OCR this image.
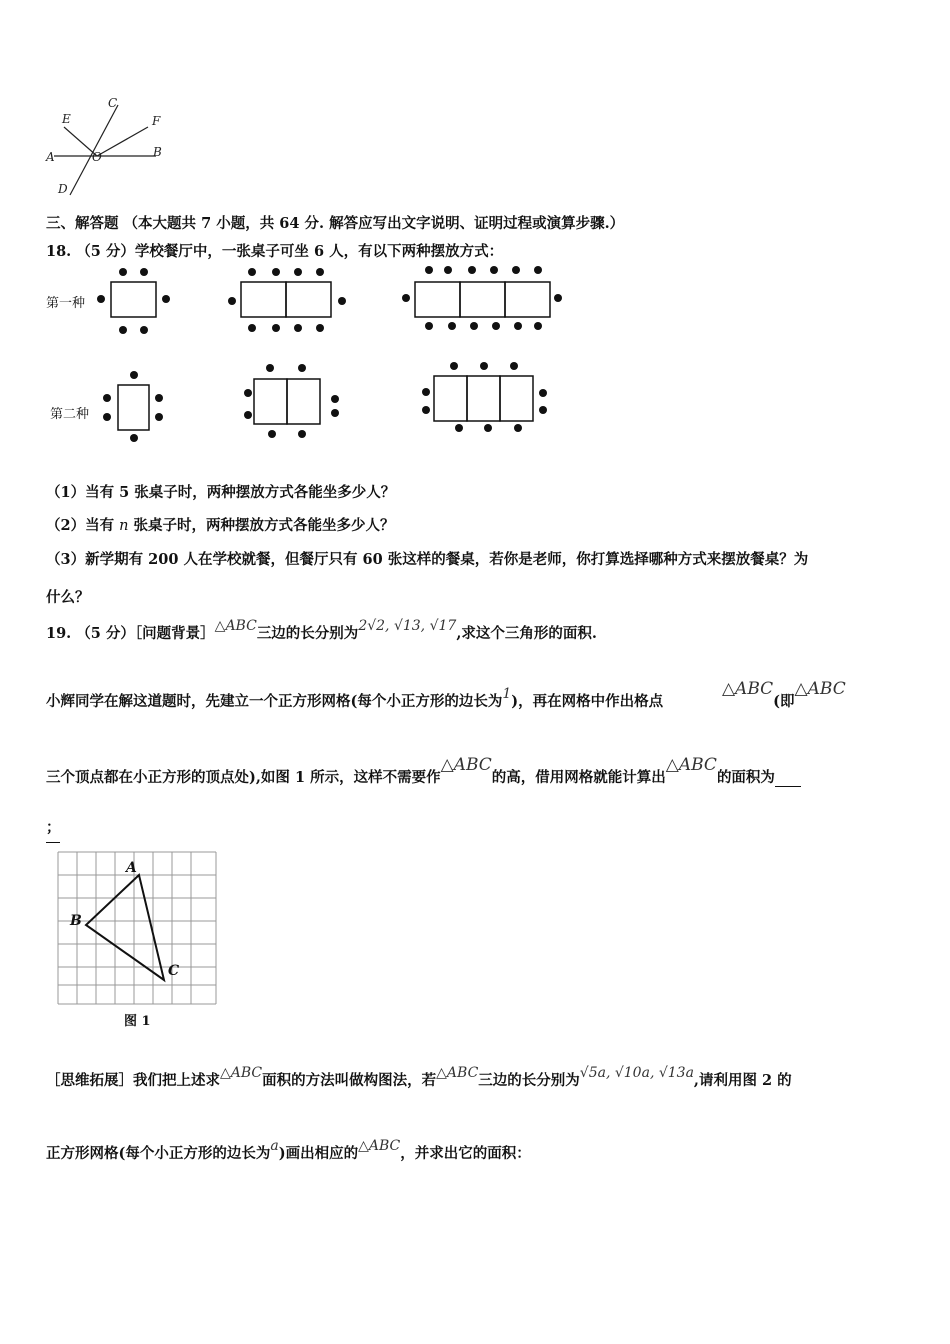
C
E	F
A	O	B
D
三、解答题 （本大题共 7 小题，共 64 分. 解答应写出文字说明、证明过程或演算步骤.）
18. （5 分）学校餐厅中，一张桌子可坐 6 人，有以下两种摆放方式：
第一种
第二种
（1）当有 5 张桌子时，两种摆放方式各能坐多少人？
（2）当有 n 张桌子时，两种摆放方式各能坐多少人？
（3）新学期有 200 人在学校就餐，但餐厅只有 60 张这样的餐桌，若你是老师，你打算选择哪种方式来摆放餐桌？为
什么？
19. （5 分）［问题背景］△ABC三边的长分别为2√2, √13, √17,求这个三角形的面积.
小辉同学在解这道题时，先建立一个正方形网格(每个小正方形的边长为1)，再在网格中作出格点△ABC(即△ABC
三个顶点都在小正方形的顶点处),如图 1 所示，这样不需要作△ABC的高，借用网格就能计算出△ABC的面积为
；
A
B
C
图 1
［思维拓展］我们把上述求△ABC面积的方法叫做构图法，若△ABC三边的长分别为√5a, √10a, √13a,请利用图 2 的
正方形网格(每个小正方形的边长为a)画出相应的△ABC，并求出它的面积：
